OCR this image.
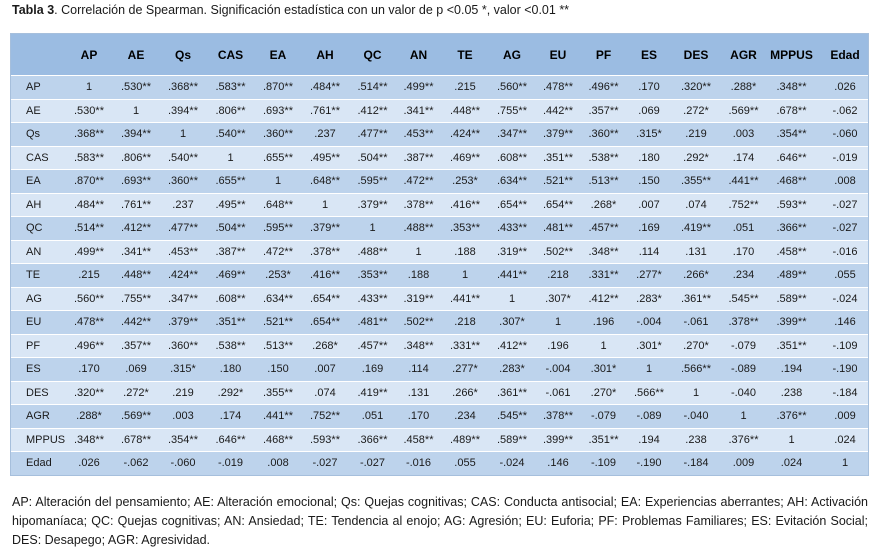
Tabla 3. Correlación de Spearman. Significación estadística con un valor de p <0.05 *, valor <0.01 **
	AP	AE	Qs	CAS	EA	AH	QC	AN	TE	AG	EU	PF	ES	DES	AGR	MPPUS	Edad
AP	1	.530**	.368**	.583**	.870**	.484**	.514**	.499**	.215	.560**	.478**	.496**	.170	.320**	.288*	.348**	.026
AE	.530**	1	.394**	.806**	.693**	.761**	.412**	.341**	.448**	.755**	.442**	.357**	.069	.272*	.569**	.678**	-.062
Qs	.368**	.394**	1	.540**	.360**	.237	.477**	.453**	.424**	.347**	.379**	.360**	.315*	.219	.003	.354**	-.060
CAS	.583**	.806**	.540**	1	.655**	.495**	.504**	.387**	.469**	.608**	.351**	.538**	.180	.292*	.174	.646**	-.019
EA	.870**	.693**	.360**	.655**	1	.648**	.595**	.472**	.253*	.634**	.521**	.513**	.150	.355**	.441**	.468**	.008
AH	.484**	.761**	.237	.495**	.648**	1	.379**	.378**	.416**	.654**	.654**	.268*	.007	.074	.752**	.593**	-.027
QC	.514**	.412**	.477**	.504**	.595**	.379**	1	.488**	.353**	.433**	.481**	.457**	.169	.419**	.051	.366**	-.027
AN	.499**	.341**	.453**	.387**	.472**	.378**	.488**	1	.188	.319**	.502**	.348**	.114	.131	.170	.458**	-.016
TE	.215	.448**	.424**	.469**	.253*	.416**	.353**	.188	1	.441**	.218	.331**	.277*	.266*	.234	.489**	.055
AG	.560**	.755**	.347**	.608**	.634**	.654**	.433**	.319**	.441**	1	.307*	.412**	.283*	.361**	.545**	.589**	-.024
EU	.478**	.442**	.379**	.351**	.521**	.654**	.481**	.502**	.218	.307*	1	.196	-.004	-.061	.378**	.399**	.146
PF	.496**	.357**	.360**	.538**	.513**	.268*	.457**	.348**	.331**	.412**	.196	1	.301*	.270*	-.079	.351**	-.109
ES	.170	.069	.315*	.180	.150	.007	.169	.114	.277*	.283*	-.004	.301*	1	.566**	-.089	.194	-.190
DES	.320**	.272*	.219	.292*	.355**	.074	.419**	.131	.266*	.361**	-.061	.270*	.566**	1	-.040	.238	-.184
AGR	.288*	.569**	.003	.174	.441**	.752**	.051	.170	.234	.545**	.378**	-.079	-.089	-.040	1	.376**	.009
MPPUS	.348**	.678**	.354**	.646**	.468**	.593**	.366**	.458**	.489**	.589**	.399**	.351**	.194	.238	.376**	1	.024
Edad	.026	-.062	-.060	-.019	.008	-.027	-.027	-.016	.055	-.024	.146	-.109	-.190	-.184	.009	.024	1
AP: Alteración del pensamiento; AE: Alteración emocional; Qs: Quejas cognitivas; CAS: Conducta antisocial; EA: Experiencias aberrantes; AH: Activación hipomaníaca; QC: Quejas cognitivas; AN: Ansiedad; TE: Tendencia al enojo; AG: Agresión; EU: Euforia; PF: Problemas Familiares; ES: Evitación Social; DES: Desapego; AGR: Agresividad.
